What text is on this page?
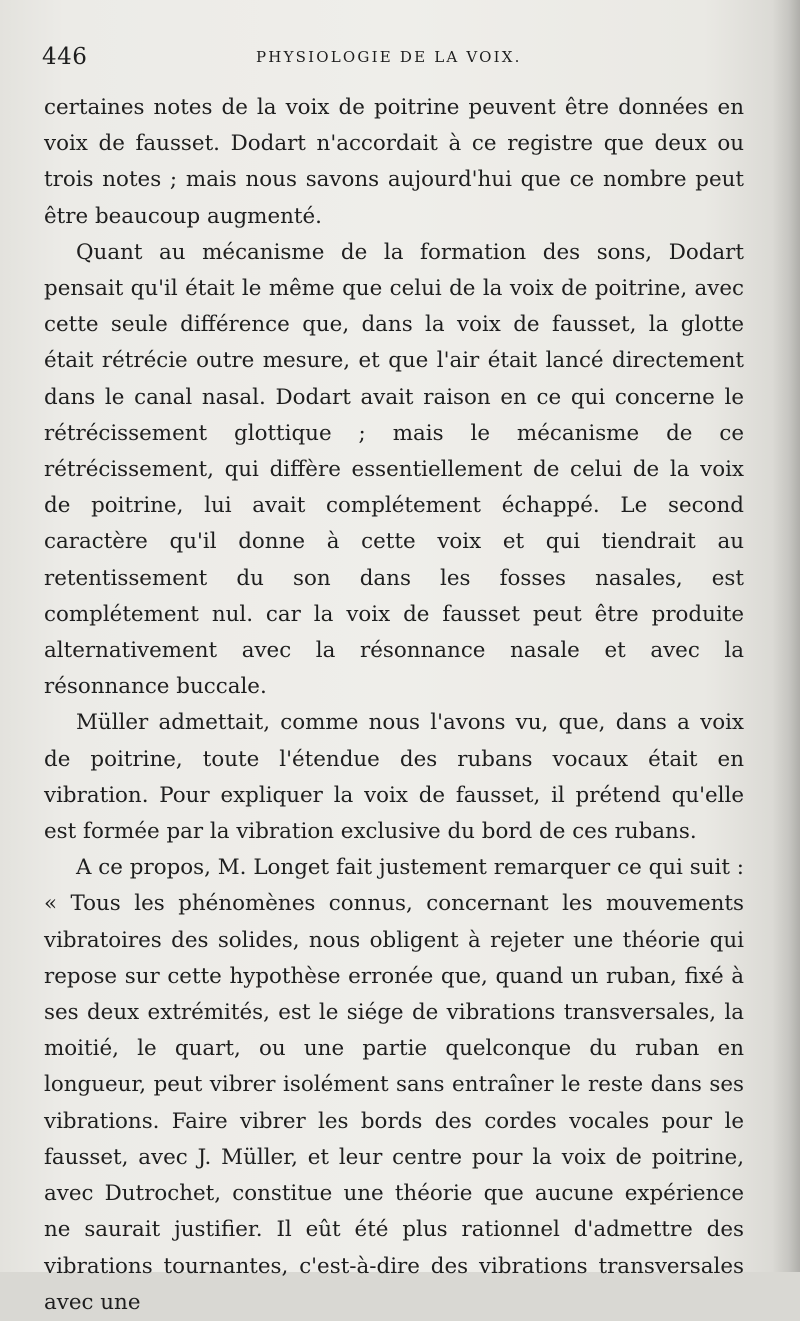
446	PHYSIOLOGIE DE LA VOIX.

certaines notes de la voix de poitrine peuvent être données en voix de fausset. Dodart n'accordait à ce registre que deux ou trois notes ; mais nous savons aujourd'hui que ce nombre peut être beaucoup augmenté.

Quant au mécanisme de la formation des sons, Dodart pensait qu'il était le même que celui de la voix de poitrine, avec cette seule différence que, dans la voix de fausset, la glotte était rétrécie outre mesure, et que l'air était lancé directement dans le canal nasal. Dodart avait raison en ce qui concerne le rétrécissement glottique ; mais le mécanisme de ce rétrécissement, qui diffère essentiellement de celui de la voix de poitrine, lui avait complétement échappé. Le second caractère qu'il donne à cette voix et qui tiendrait au retentissement du son dans les fosses nasales, est complétement nul. car la voix de fausset peut être produite alternativement avec la résonnance nasale et avec la résonnance buccale.

Müller admettait, comme nous l'avons vu, que, dans a voix de poitrine, toute l'étendue des rubans vocaux était en vibration. Pour expliquer la voix de fausset, il prétend qu'elle est formée par la vibration exclusive du bord de ces rubans.

A ce propos, M. Longet fait justement remarquer ce qui suit : « Tous les phénomènes connus, concernant les mouvements vibratoires des solides, nous obligent à rejeter une théorie qui repose sur cette hypothèse erronée que, quand un ruban, fixé à ses deux extrémités, est le siége de vibrations transversales, la moitié, le quart, ou une partie quelconque du ruban en longueur, peut vibrer isolément sans entraîner le reste dans ses vibrations. Faire vibrer les bords des cordes vocales pour le fausset, avec J. Müller, et leur centre pour la voix de poitrine, avec Dutrochet, constitue une théorie que aucune expérience ne saurait justifier. Il eût été plus rationnel d'admettre des vibrations tournantes, c'est-à-dire des vibrations transversales avec une
